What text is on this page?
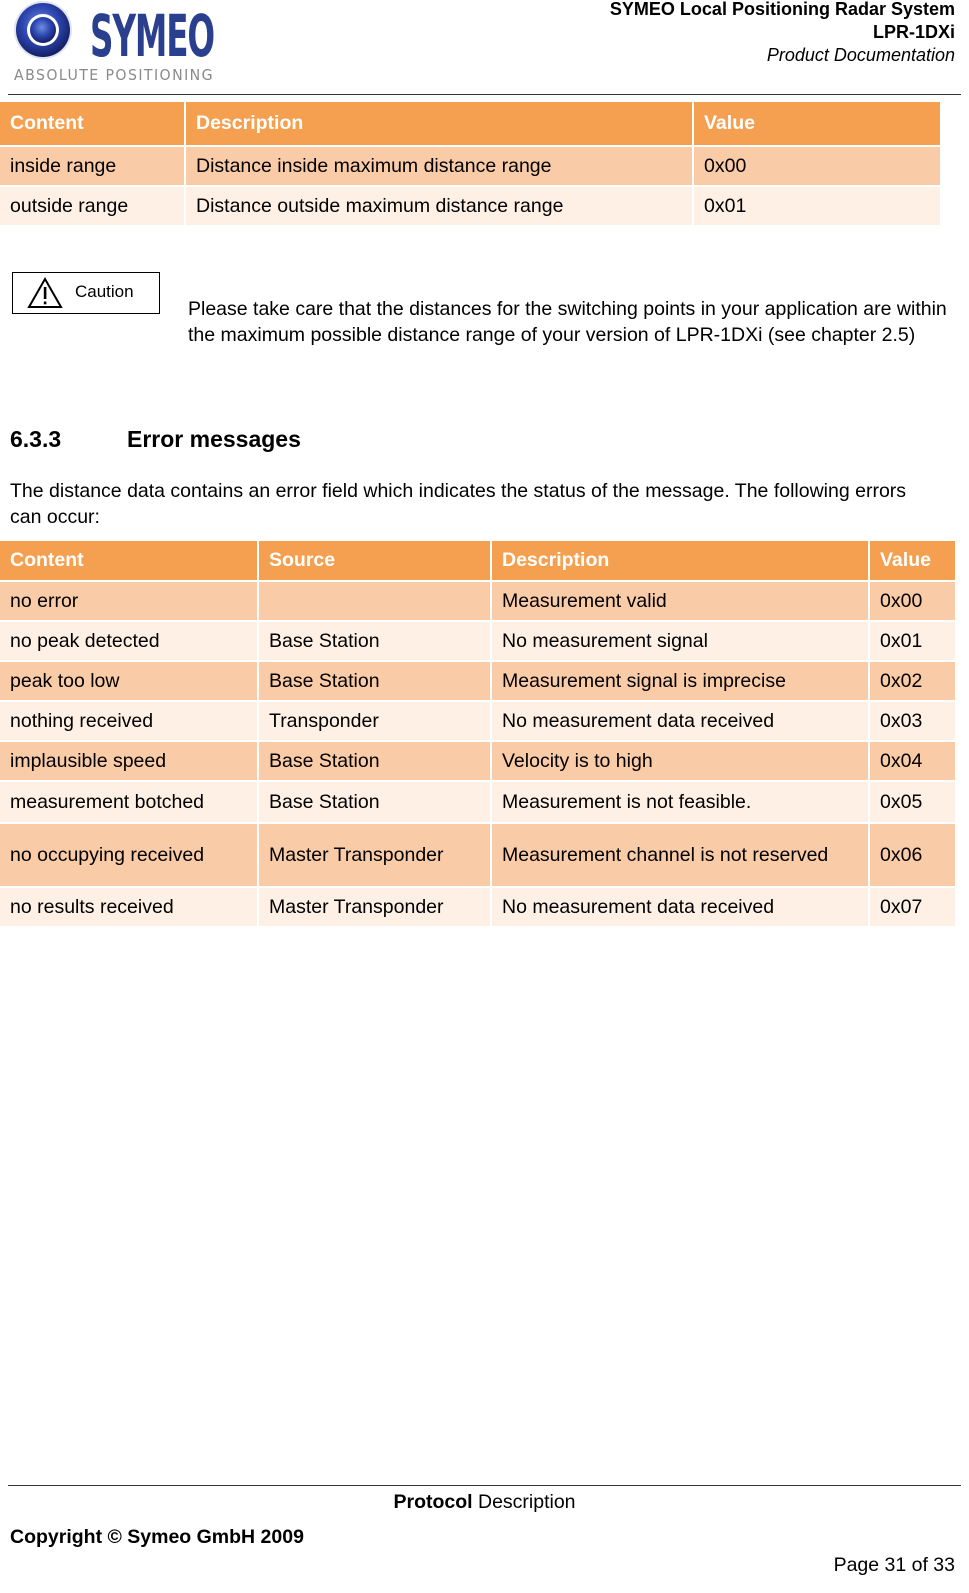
SYMEO
ABSOLUTE POSITIONING
SYMEO Local Positioning Radar System
LPR-1DXi
Product Documentation
Content	Description	Value
inside range	Distance inside maximum distance range	0x00
outside range	Distance outside maximum distance range	0x01
Caution
Please take care that the distances for the switching points in your application are within the maximum possible distance range of your version of LPR-1DXi (see chapter 2.5)
6.3.3	Error messages
The distance data contains an error field which indicates the status of the message. The following errors can occur:
Content	Source	Description	Value
no error		Measurement valid	0x00
no peak detected	Base Station	No measurement signal	0x01
peak too low	Base Station	Measurement signal is imprecise	0x02
nothing received	Transponder	No measurement data received	0x03
implausible speed	Base Station	Velocity is to high	0x04
measurement botched	Base Station	Measurement is not feasible.	0x05
no occupying received	Master Transponder	Measurement channel is not reserved	0x06
no results received	Master Transponder	No measurement data received	0x07
Protocol Description
Copyright © Symeo GmbH 2009
Page 31 of 33
